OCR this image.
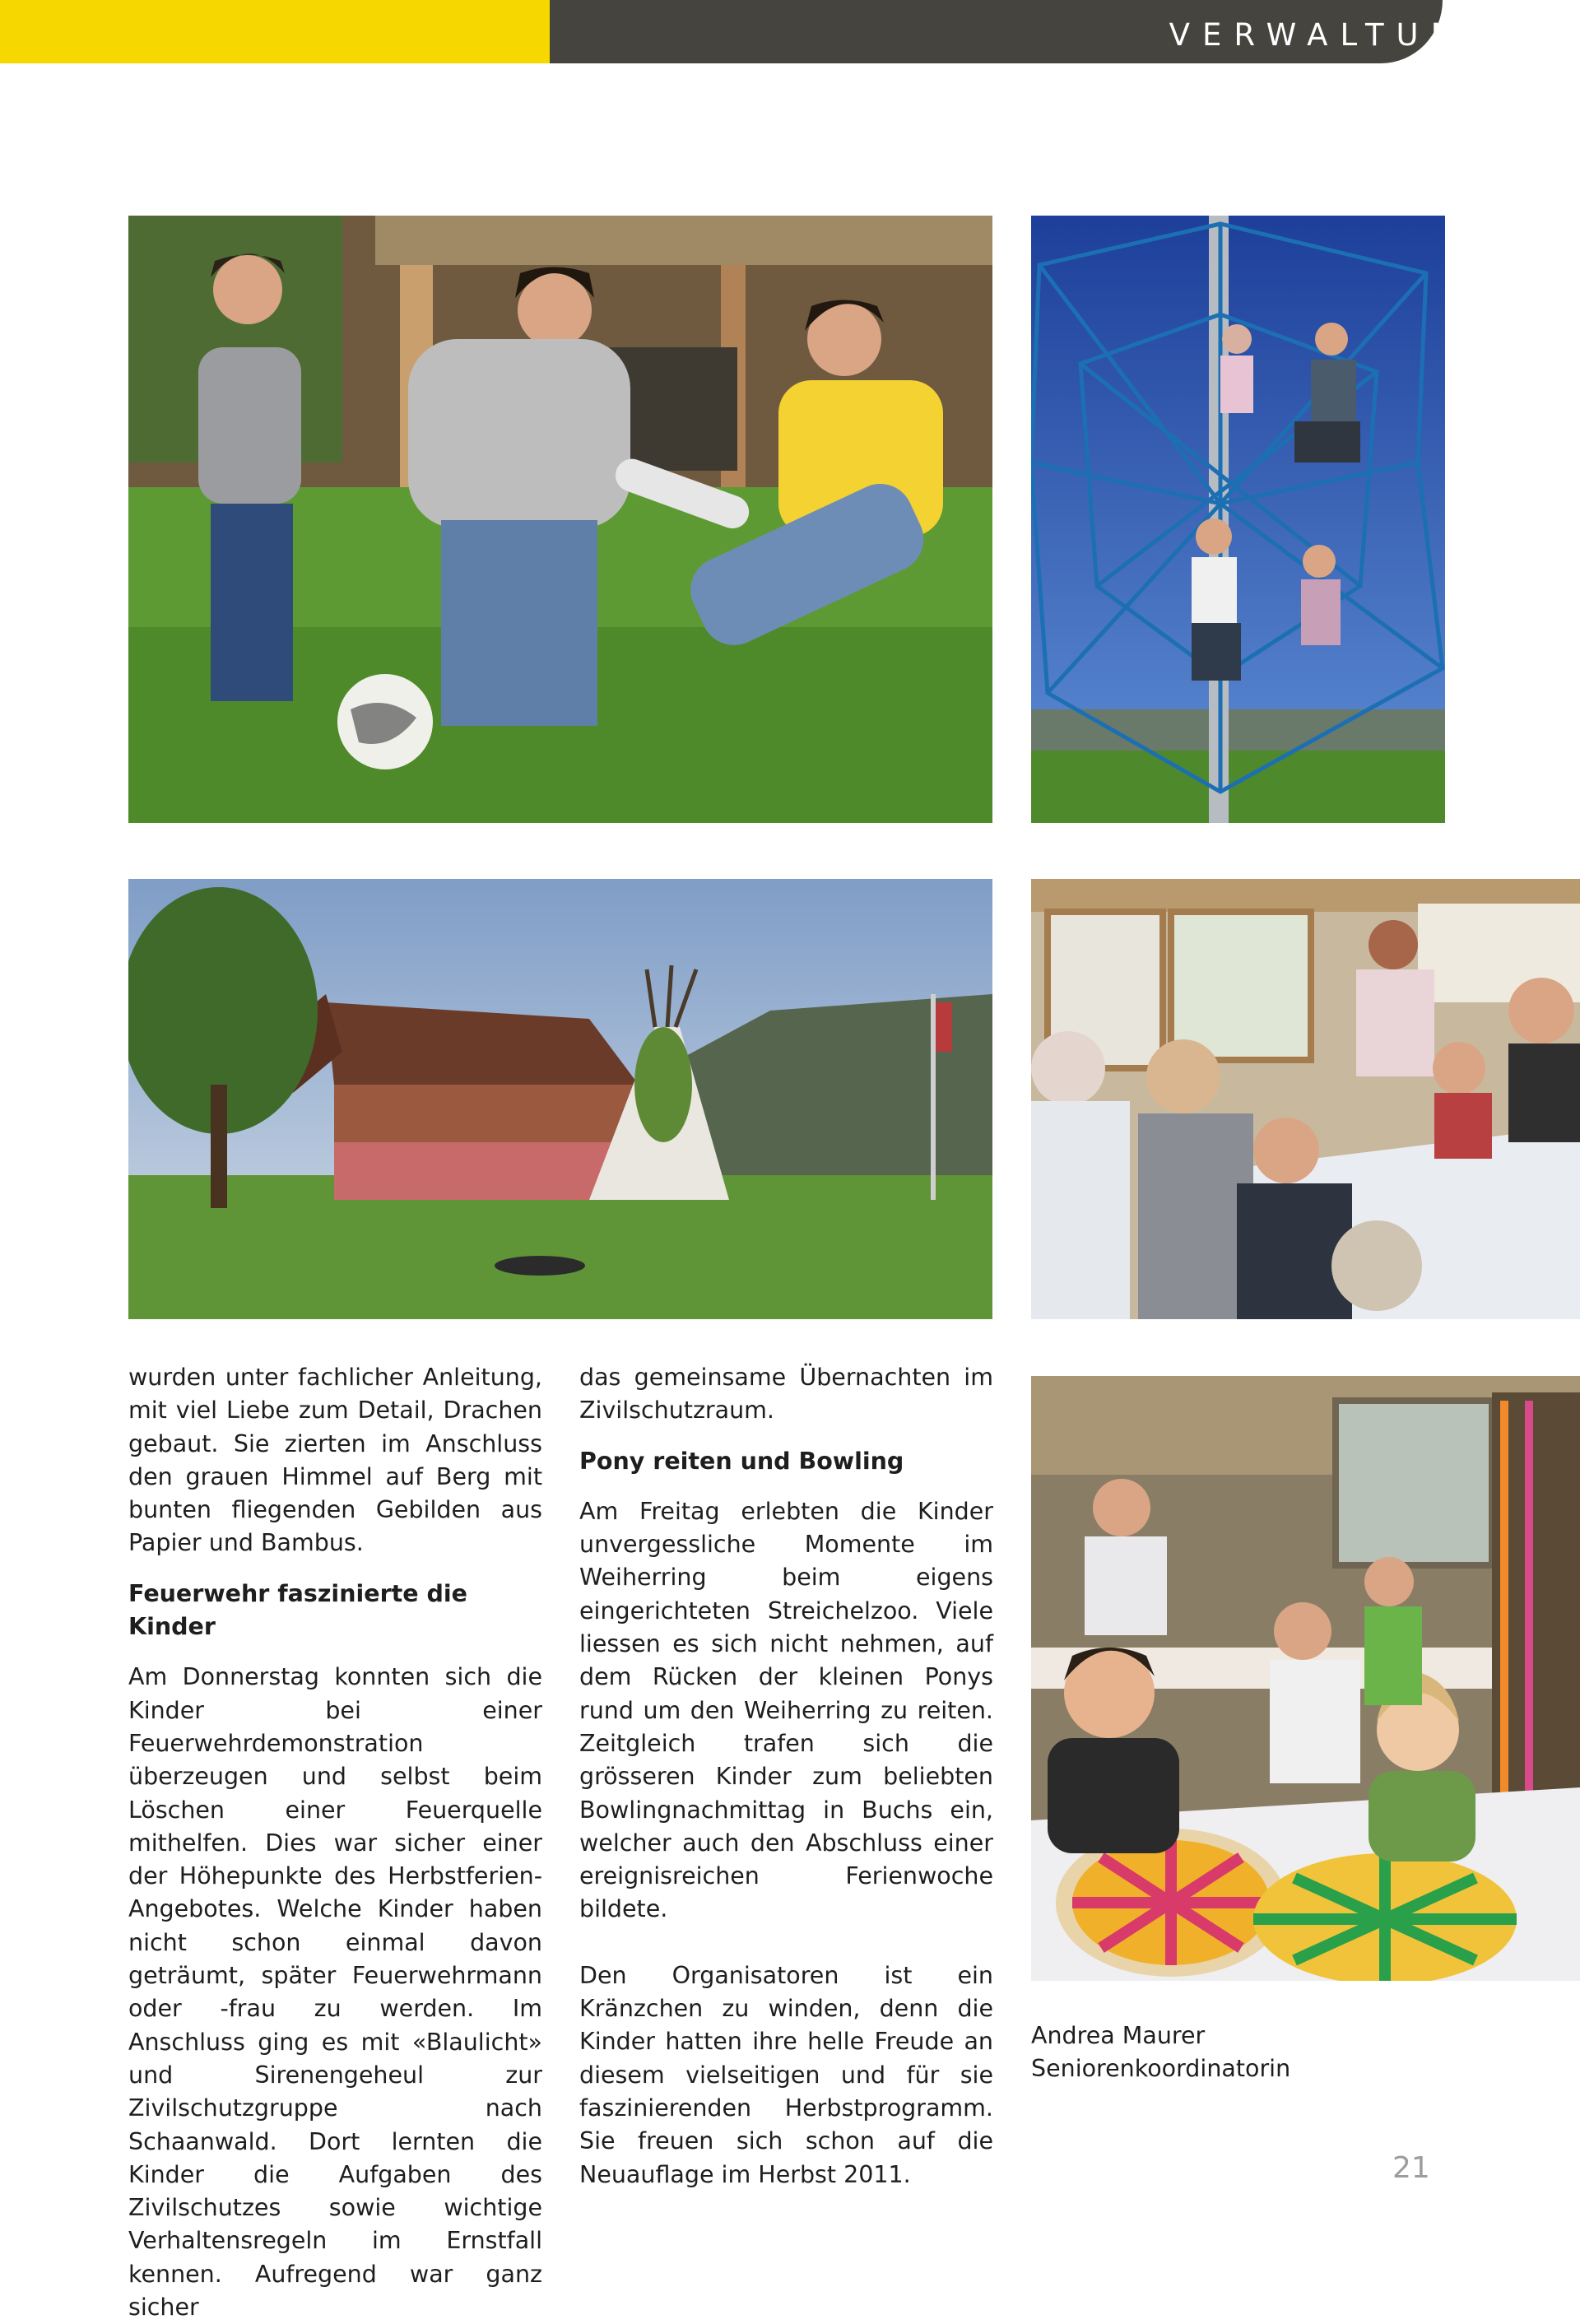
VERWALTUNG

wurden unter fachlicher Anleitung, mit viel Liebe zum Detail, Drachen gebaut. Sie zierten im Anschluss den grauen Himmel auf Berg mit bunten fliegenden Gebilden aus Papier und Bambus.

Feuerwehr faszinierte die Kinder

Am Donnerstag konnten sich die Kinder bei einer Feuerwehrdemonstration überzeugen und selbst beim Löschen einer Feuerquelle mithelfen. Dies war sicher einer der Höhepunkte des Herbstferien-Angebotes. Welche Kinder haben nicht schon einmal davon geträumt, später Feuerwehrmann oder -frau zu werden. Im Anschluss ging es mit «Blaulicht» und Sirenengeheul zur Zivilschutzgruppe nach Schaanwald. Dort lernten die Kinder die Aufgaben des Zivilschutzes sowie wichtige Verhaltensregeln im Ernstfall kennen. Aufregend war ganz sicher

das gemeinsame Übernachten im Zivilschutzraum.

Pony reiten und Bowling

Am Freitag erlebten die Kinder unvergessliche Momente im Weiherring beim eigens eingerichteten Streichelzoo. Viele liessen es sich nicht nehmen, auf dem Rücken der kleinen Ponys rund um den Weiherring zu reiten. Zeitgleich trafen sich die grösseren Kinder zum beliebten Bowlingnachmittag in Buchs ein, welcher auch den Abschluss einer ereignisreichen Ferienwoche bildete.

Den Organisatoren ist ein Kränzchen zu winden, denn die Kinder hatten ihre helle Freude an diesem vielseitigen und für sie faszinierenden Herbstprogramm. Sie freuen sich schon auf die Neuauflage im Herbst 2011.

Andrea Maurer
Seniorenkoordinatorin

21
